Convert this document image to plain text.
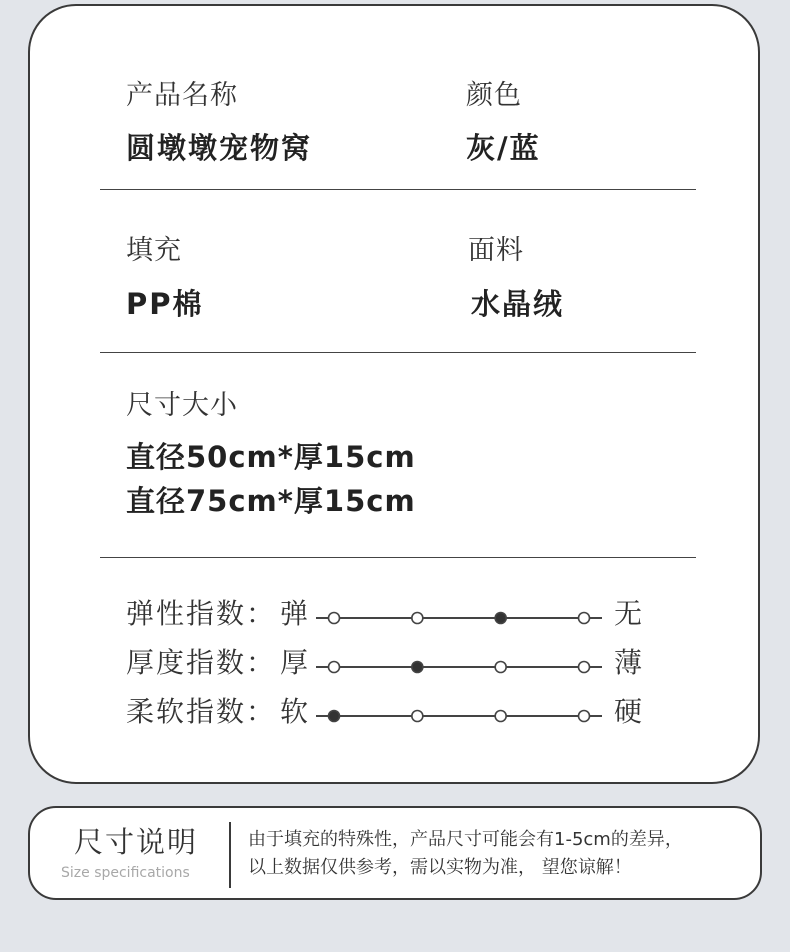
产品名称
圆墩墩宠物窝
颜色
灰/蓝
填充
PP棉
面料
水晶绒
尺寸大小
直径50cm*厚15cm
直径75cm*厚15cm
弹性指数： 弹	无
厚度指数： 厚	薄
柔软指数： 软	硬
尺寸说明
Size specifications
由于填充的特殊性，产品尺寸可能会有1-5cm的差异，
以上数据仅供参考，需以实物为准， 望您谅解！
